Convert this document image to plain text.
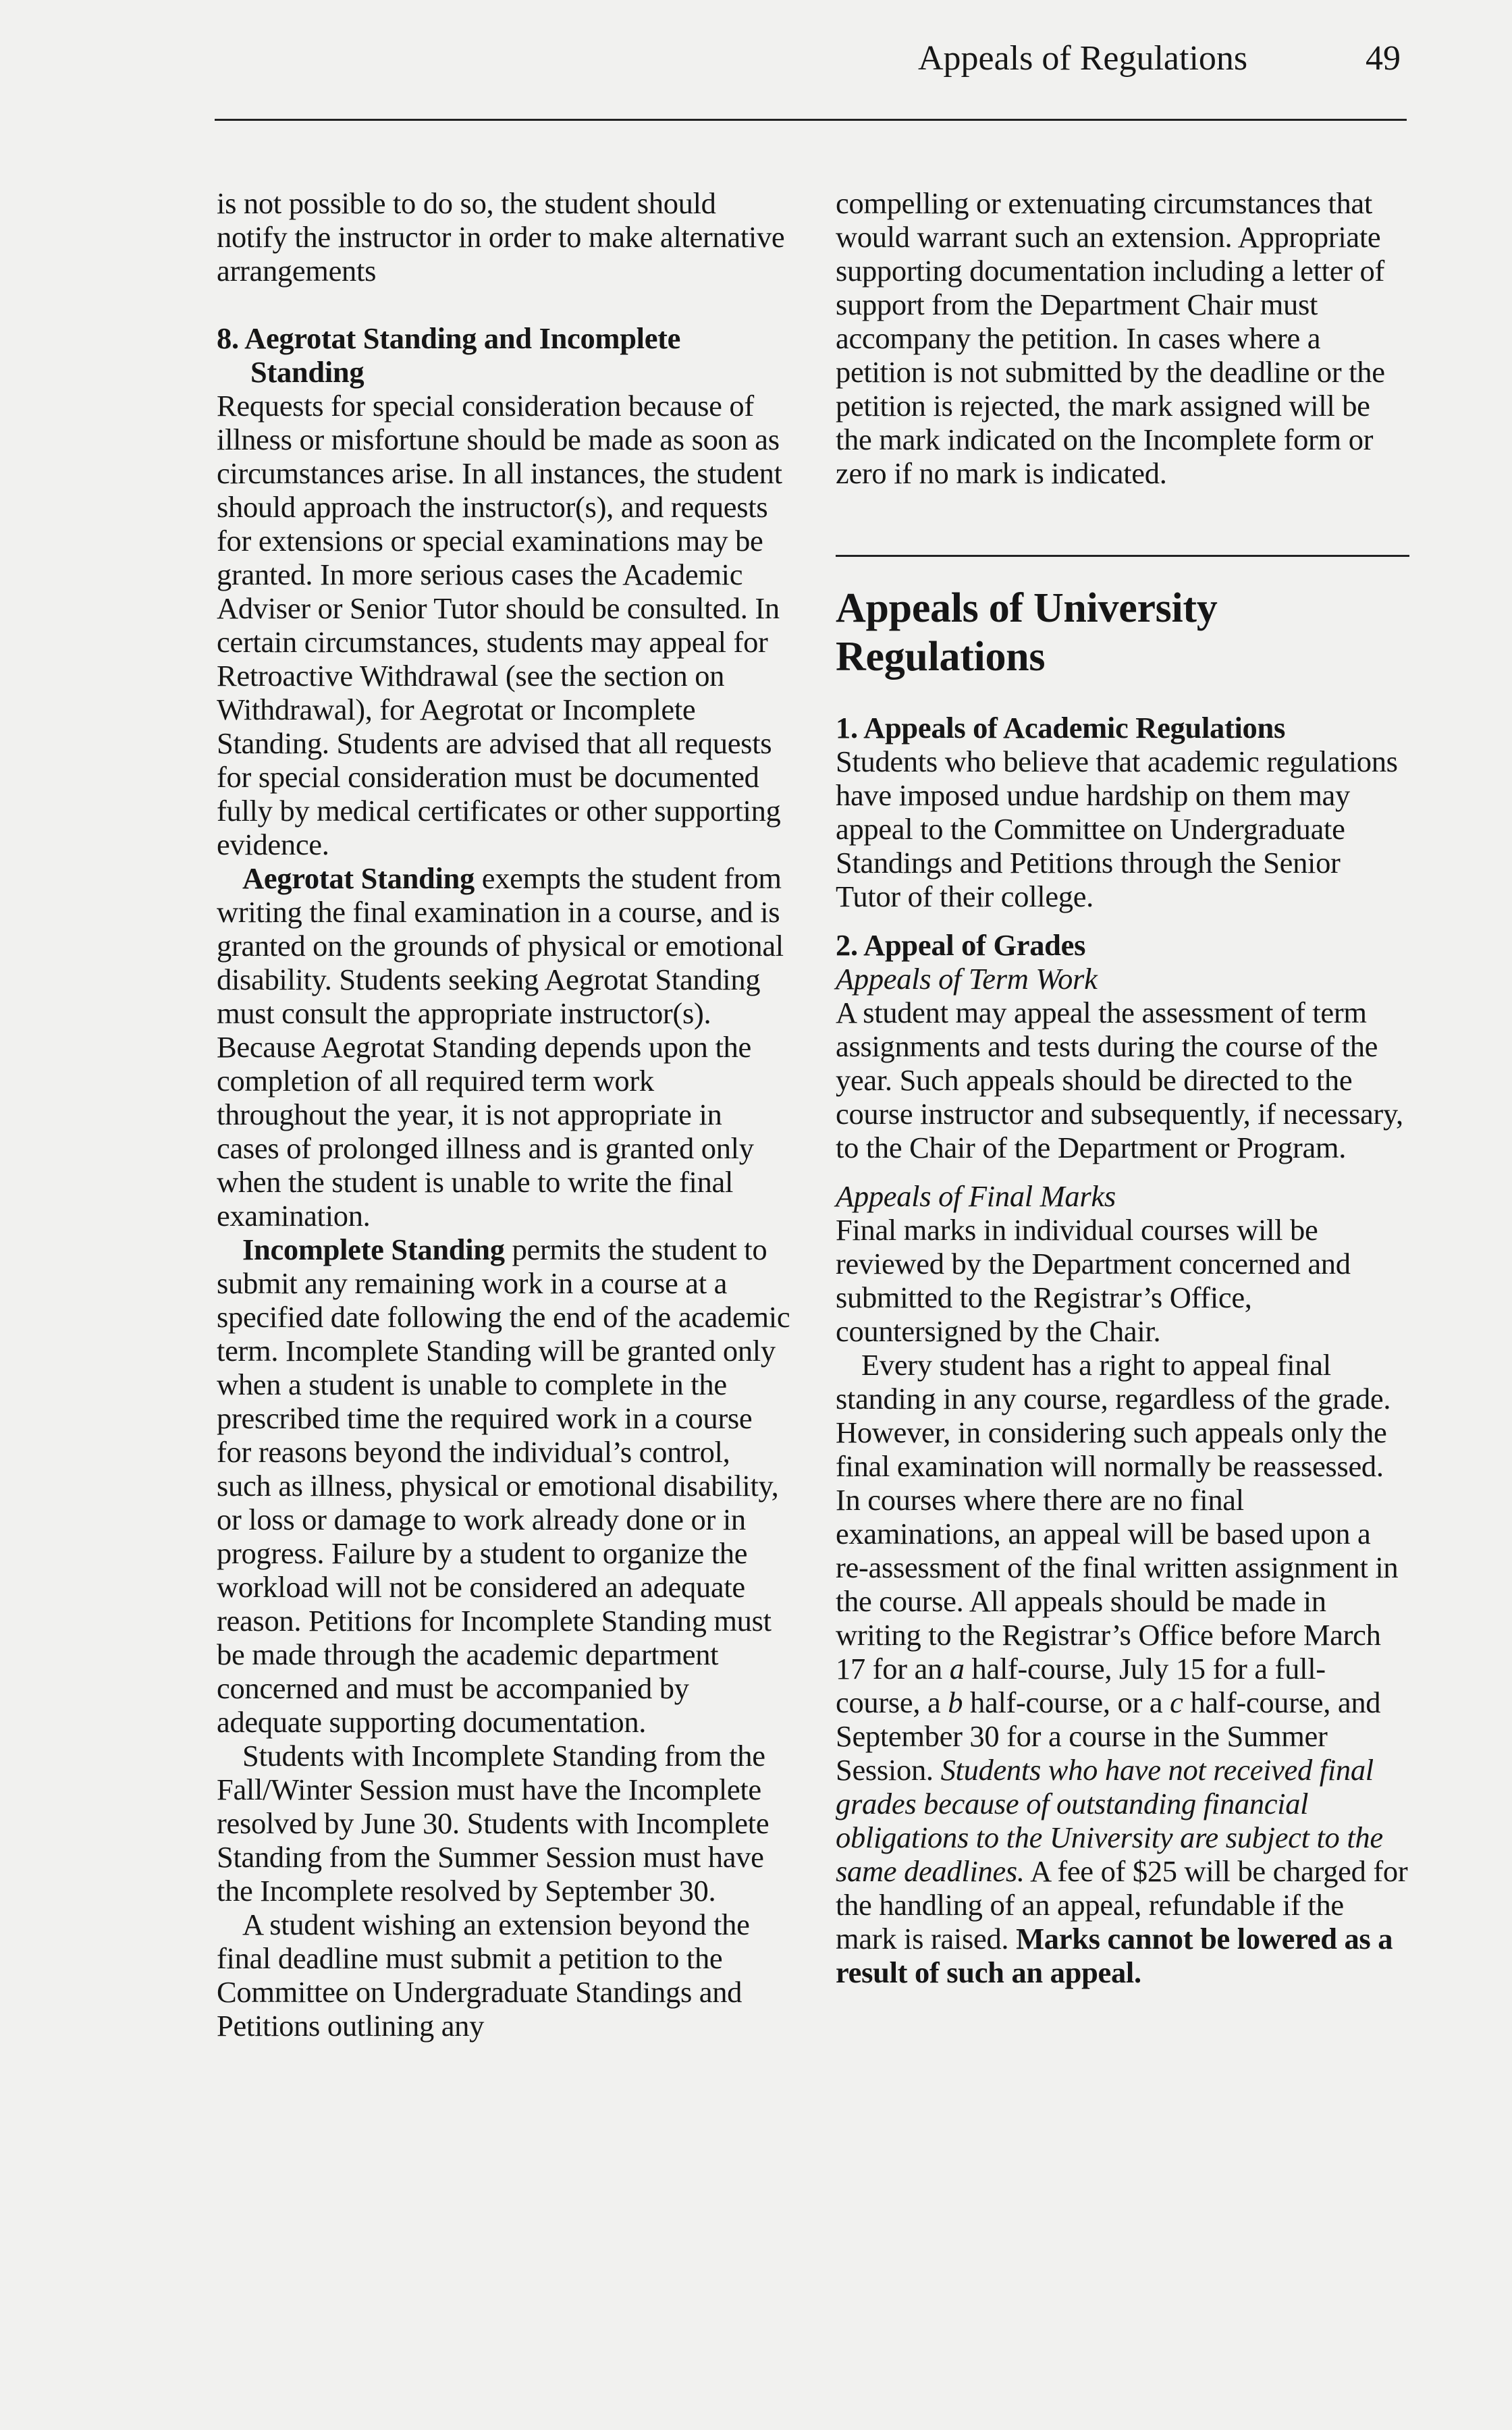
Appeals of Regulations	49

is not possible to do so, the student should notify the instructor in order to make alternative arrangements

8. Aegrotat Standing and Incomplete Standing

Requests for special consideration because of illness or misfortune should be made as soon as circumstances arise. In all instances, the student should approach the instructor(s), and requests for extensions or special examinations may be granted. In more serious cases the Academic Adviser or Senior Tutor should be consulted. In certain circumstances, students may appeal for Retroactive Withdrawal (see the section on Withdrawal), for Aegrotat or Incomplete Standing. Students are advised that all requests for special consideration must be documented fully by medical certificates or other supporting evidence.

Aegrotat Standing exempts the student from writing the final examination in a course, and is granted on the grounds of physical or emotional disability. Students seeking Aegrotat Standing must consult the appropriate instructor(s). Because Aegrotat Standing depends upon the completion of all required term work throughout the year, it is not appropriate in cases of prolonged illness and is granted only when the student is unable to write the final examination.

Incomplete Standing permits the student to submit any remaining work in a course at a specified date following the end of the academic term. Incomplete Standing will be granted only when a student is unable to complete in the prescribed time the required work in a course for reasons beyond the individual’s control, such as illness, physical or emotional disability, or loss or damage to work already done or in progress. Failure by a student to organize the workload will not be considered an adequate reason. Petitions for Incomplete Standing must be made through the academic department concerned and must be accompanied by adequate supporting documentation.

Students with Incomplete Standing from the Fall/Winter Session must have the Incomplete resolved by June 30. Students with Incomplete Standing from the Summer Session must have the Incomplete resolved by September 30.

A student wishing an extension beyond the final deadline must submit a petition to the Committee on Undergraduate Standings and Petitions outlining any

compelling or extenuating circumstances that would warrant such an extension. Appropriate supporting documentation including a letter of support from the Department Chair must accompany the petition. In cases where a petition is not submitted by the deadline or the petition is rejected, the mark assigned will be the mark indicated on the Incomplete form or zero if no mark is indicated.

Appeals of University Regulations

1. Appeals of Academic Regulations

Students who believe that academic regulations have imposed undue hardship on them may appeal to the Committee on Undergraduate Standings and Petitions through the Senior Tutor of their college.

2. Appeal of Grades

Appeals of Term Work

A student may appeal the assessment of term assignments and tests during the course of the year. Such appeals should be directed to the course instructor and subsequently, if necessary, to the Chair of the Department or Program.

Appeals of Final Marks

Final marks in individual courses will be reviewed by the Department concerned and submitted to the Registrar’s Office, countersigned by the Chair.

Every student has a right to appeal final standing in any course, regardless of the grade. However, in considering such appeals only the final examination will normally be reassessed. In courses where there are no final examinations, an appeal will be based upon a re-assessment of the final written assignment in the course. All appeals should be made in writing to the Registrar’s Office before March 17 for an a half-course, July 15 for a full-course, a b half-course, or a c half-course, and September 30 for a course in the Summer Session. Students who have not received final grades because of outstanding financial obligations to the University are subject to the same deadlines. A fee of $25 will be charged for the handling of an appeal, refundable if the mark is raised. Marks cannot be lowered as a result of such an appeal.
